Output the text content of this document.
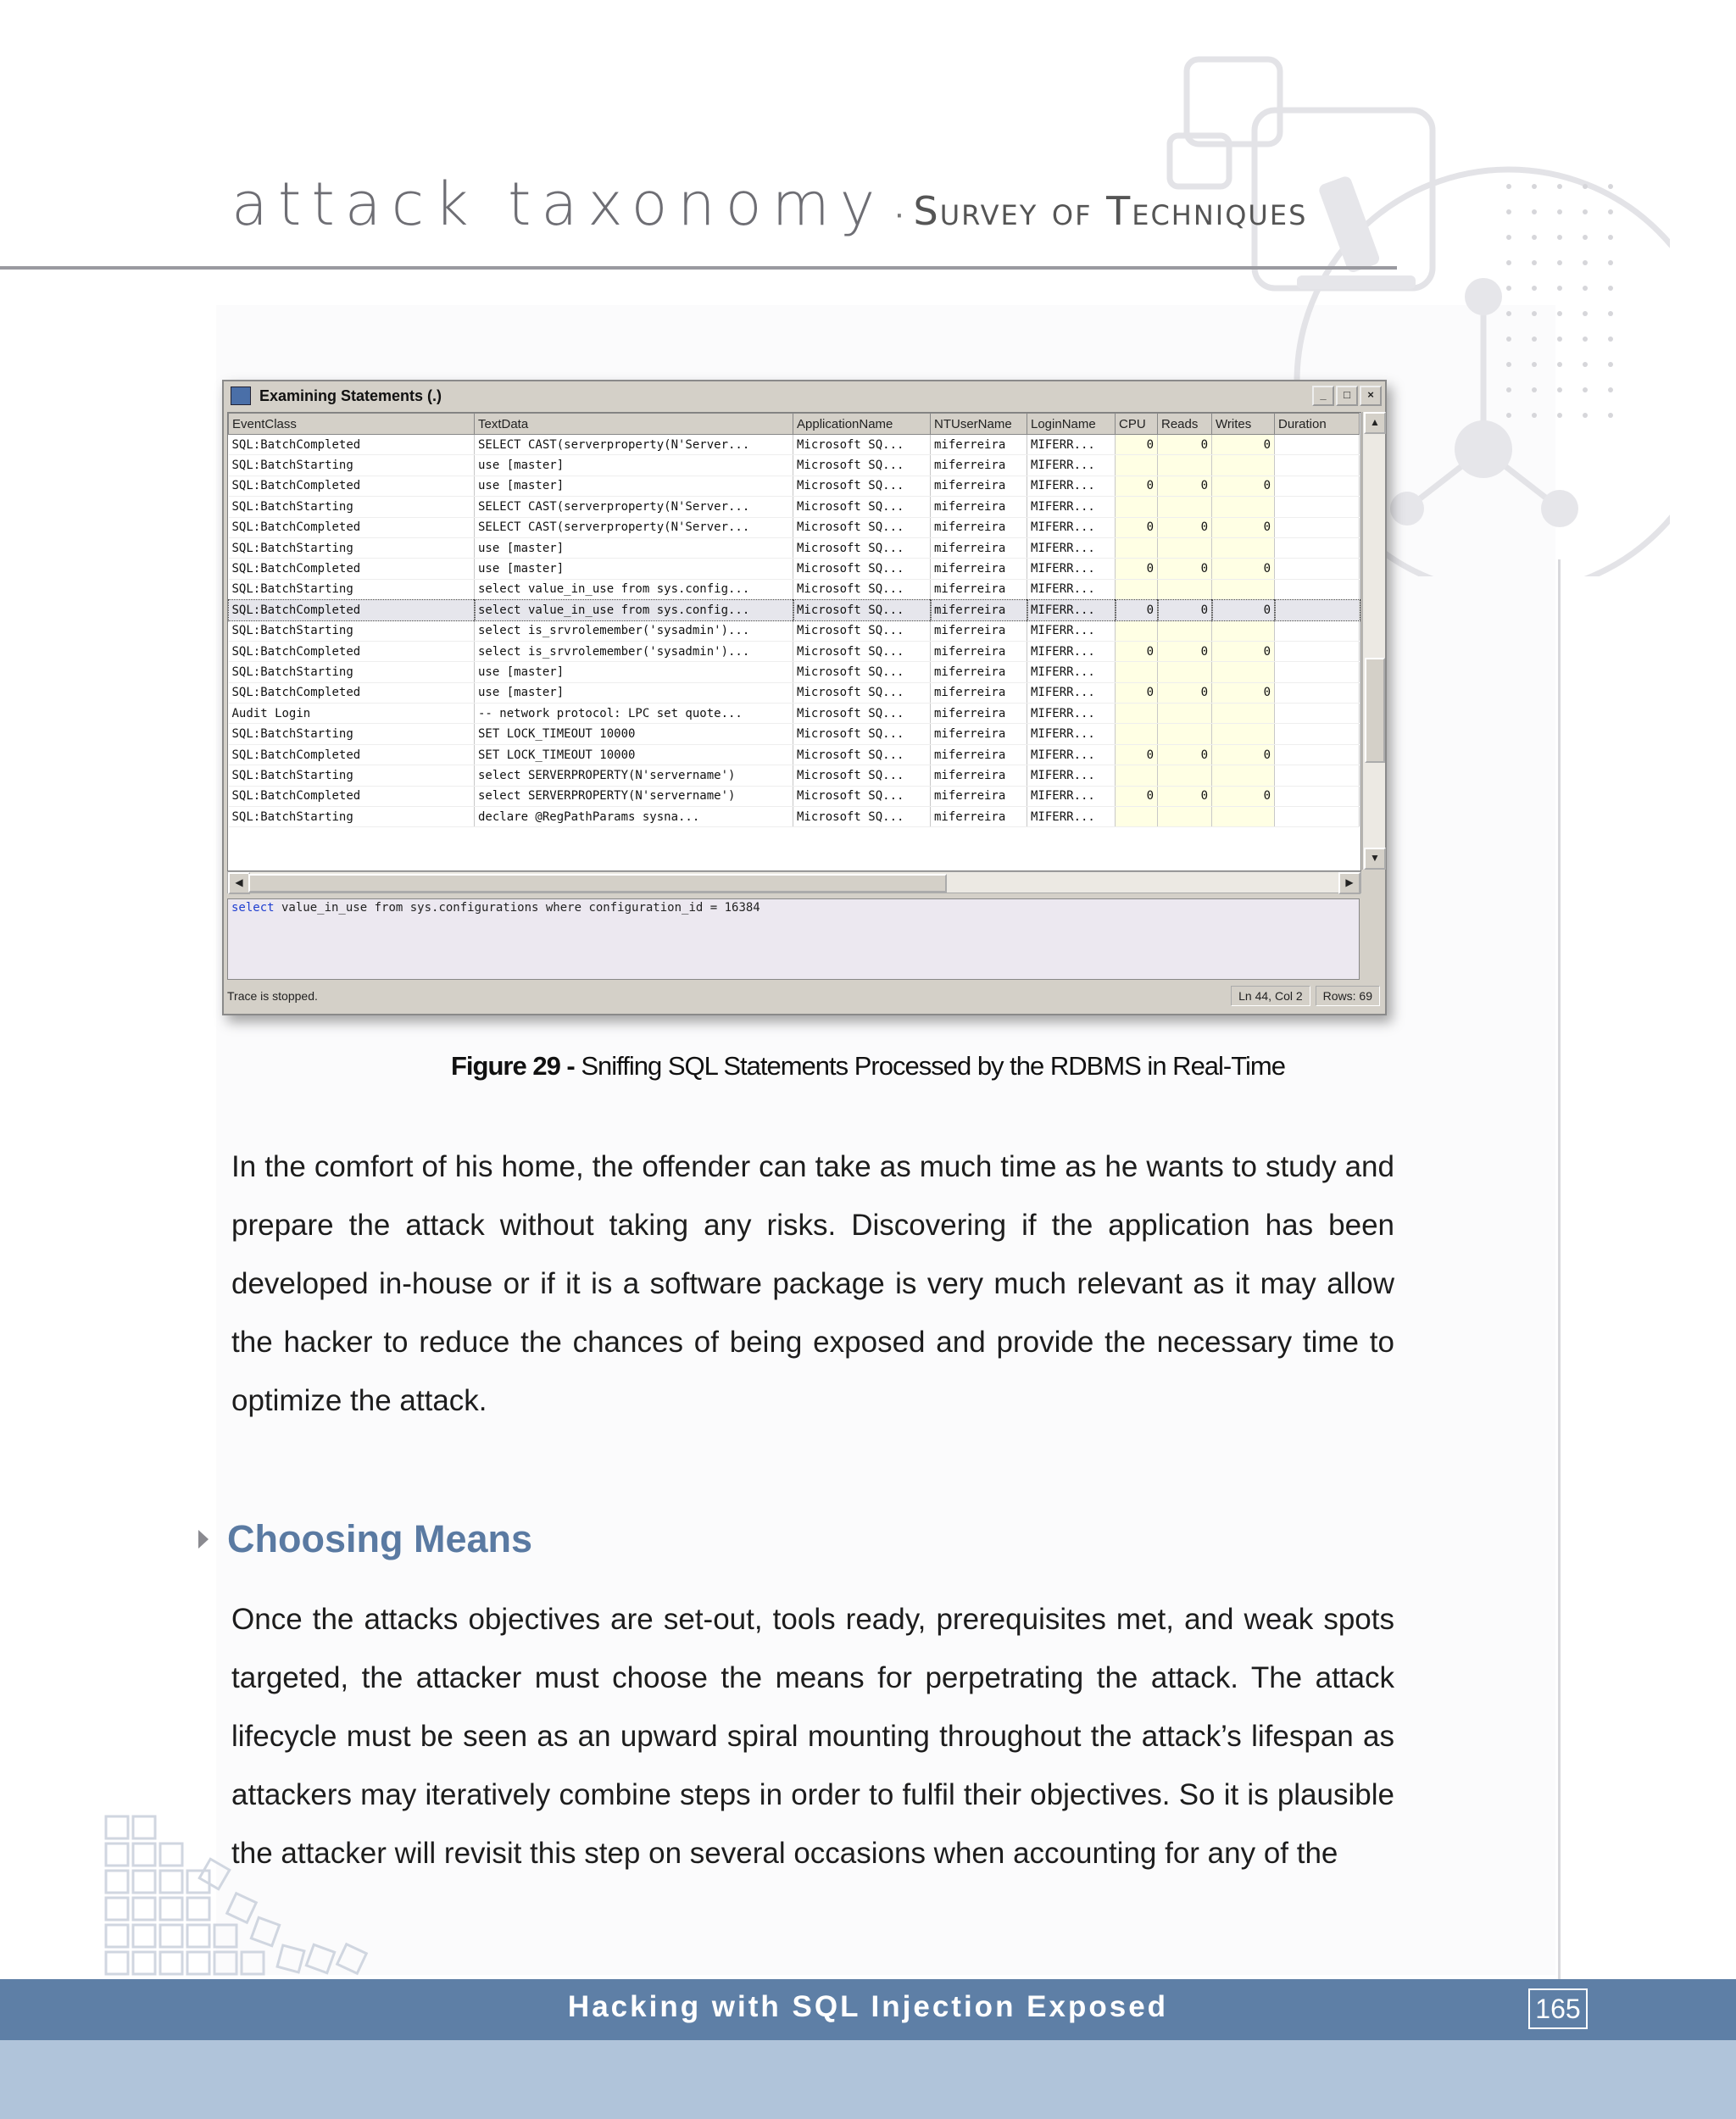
attack taxonomy · Survey of Techniques
Examining Statements (.)	_	□	×
EventClass	TextData	ApplicationName	NTUserName	LoginName	CPU	Reads	Writes	Duration
SQL:BatchCompleted	SELECT CAST(serverproperty(N'Server...	Microsoft SQ...	miferreira	MIFERR...	0	0	0	
SQL:BatchStarting	use [master]	Microsoft SQ...	miferreira	MIFERR...				
SQL:BatchCompleted	use [master]	Microsoft SQ...	miferreira	MIFERR...	0	0	0	
SQL:BatchStarting	SELECT CAST(serverproperty(N'Server...	Microsoft SQ...	miferreira	MIFERR...				
SQL:BatchCompleted	SELECT CAST(serverproperty(N'Server...	Microsoft SQ...	miferreira	MIFERR...	0	0	0	
SQL:BatchStarting	use [master]	Microsoft SQ...	miferreira	MIFERR...				
SQL:BatchCompleted	use [master]	Microsoft SQ...	miferreira	MIFERR...	0	0	0	
SQL:BatchStarting	select value_in_use from sys.config...	Microsoft SQ...	miferreira	MIFERR...				
SQL:BatchCompleted	select value_in_use from sys.config...	Microsoft SQ...	miferreira	MIFERR...	0	0	0	
SQL:BatchStarting	select is_srvrolemember('sysadmin')...	Microsoft SQ...	miferreira	MIFERR...				
SQL:BatchCompleted	select is_srvrolemember('sysadmin')...	Microsoft SQ...	miferreira	MIFERR...	0	0	0	
SQL:BatchStarting	use [master]	Microsoft SQ...	miferreira	MIFERR...				
SQL:BatchCompleted	use [master]	Microsoft SQ...	miferreira	MIFERR...	0	0	0	
Audit Login	-- network protocol: LPC set quote...	Microsoft SQ...	miferreira	MIFERR...				
SQL:BatchStarting	SET LOCK_TIMEOUT 10000	Microsoft SQ...	miferreira	MIFERR...				
SQL:BatchCompleted	SET LOCK_TIMEOUT 10000	Microsoft SQ...	miferreira	MIFERR...	0	0	0	
SQL:BatchStarting	select SERVERPROPERTY(N'servername')	Microsoft SQ...	miferreira	MIFERR...				
SQL:BatchCompleted	select SERVERPROPERTY(N'servername')	Microsoft SQ...	miferreira	MIFERR...	0	0	0	
SQL:BatchStarting	declare @RegPathParams sysna...	Microsoft SQ...	miferreira	MIFERR...				
▲
▼
◀	▶
select value_in_use from sys.configurations where configuration_id = 16384
Trace is stopped.	Ln 44, Col 2	Rows: 69
Figure 29 - Sniffing SQL Statements Processed by the RDBMS in Real-Time

In the comfort of his home, the offender can take as much time as he wants to study and prepare the attack without taking any risks. Discovering if the application has been developed in-house or if it is a software package is very much relevant as it may allow the hacker to reduce the chances of being exposed and provide the necessary time to optimize the attack.

Choosing Means

Once the attacks objectives are set-out, tools ready, prerequisites met, and weak spots targeted, the attacker must choose the means for perpetrating the attack. The attack lifecycle must be seen as an upward spiral mounting throughout the attack’s lifespan as attackers may iteratively combine steps in order to fulfil their objectives. So it is plausible the attacker will revisit this step on several occasions when accounting for any of the

Hacking with SQL Injection Exposed	165
